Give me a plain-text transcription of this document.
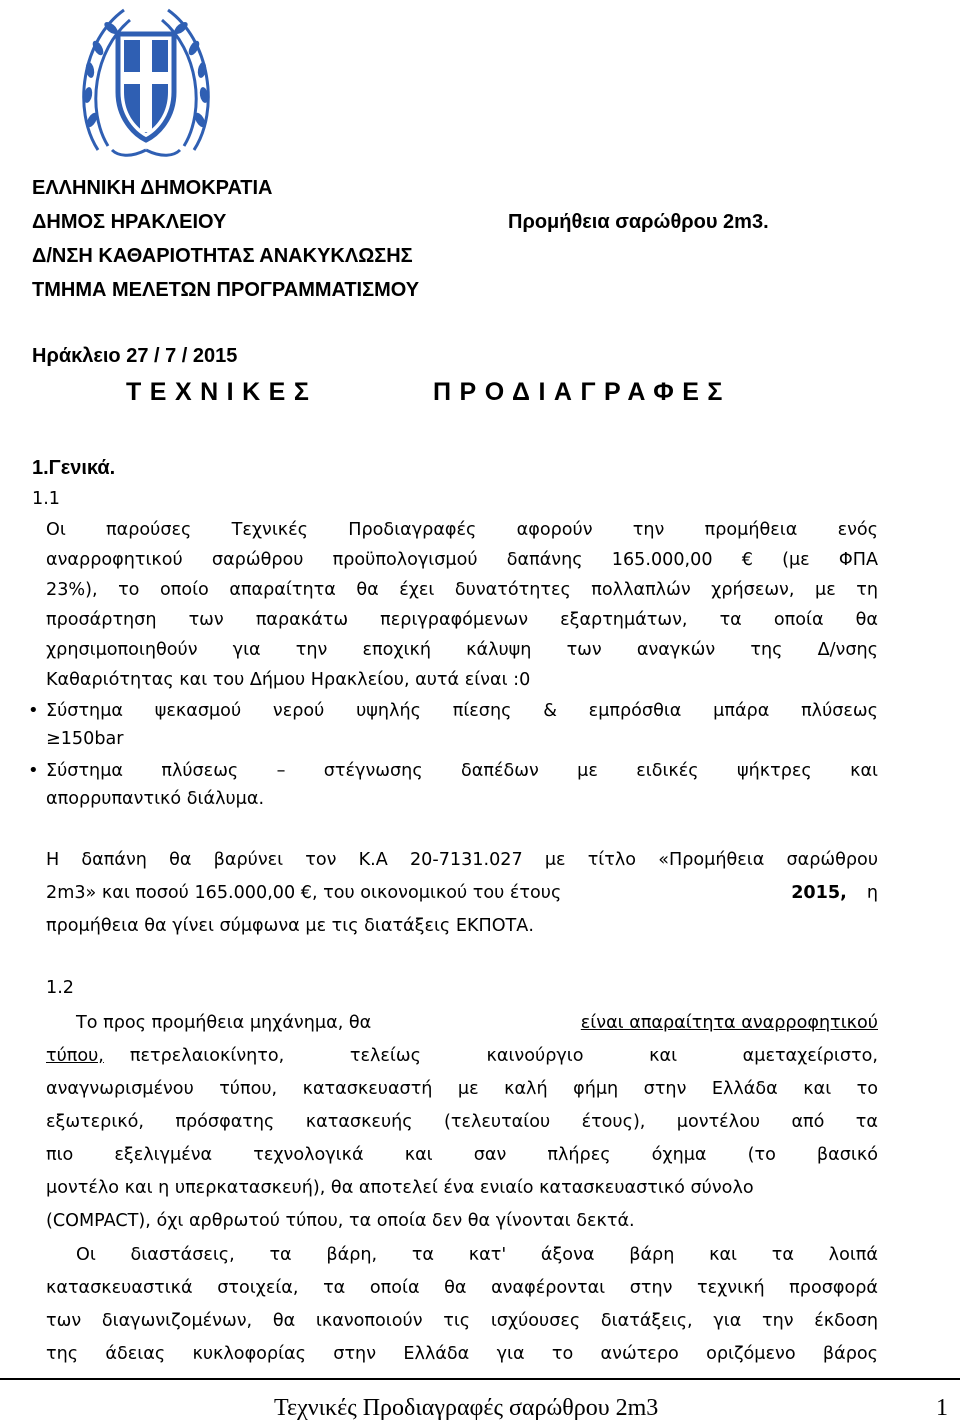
ΕΛΛΗΝΙΚΗ ΔΗΜΟΚΡΑΤΙΑ
ΔΗΜΟΣ ΗΡΑΚΛΕΙΟΥ	Προμήθεια σαρώθρου 2m3.
Δ/ΝΣΗ ΚΑΘΑΡΙΟΤΗΤΑΣ ΑΝΑΚΥΚΛΩΣΗΣ
ΤΜΗΜΑ ΜΕΛΕΤΩΝ ΠΡΟΓΡΑΜΜΑΤΙΣΜΟΥ
Ηράκλειο 27 / 7 / 2015
ΤΕΧΝΙΚΕΣ	ΠΡΟΔΙΑΓΡΑΦΕΣ
1.Γενικά.
1.1
Οι παρούσες Τεχνικές Προδιαγραφές αφορούν την προμήθεια ενός
αναρροφητικού σαρώθρου προϋπολογισμού δαπάνης 165.000,00 € (με ΦΠΑ
23%), το οποίο απαραίτητα θα έχει δυνατότητες πολλαπλών χρήσεων, με τη
προσάρτηση των παρακάτω περιγραφόμενων εξαρτημάτων, τα οποία θα
χρησιμοποιηθούν για την εποχική κάλυψη των αναγκών της Δ/νσης
Καθαριότητας και του Δήμου Ηρακλείου, αυτά είναι :0
• Σύστημα ψεκασμού νερού υψηλής πίεσης & εμπρόσθια μπάρα πλύσεως
≥150bar
• Σύστημα πλύσεως – στέγνωσης δαπέδων με ειδικές ψήκτρες και
απορρυπαντικό διάλυμα.
Η δαπάνη θα βαρύνει τον Κ.Α 20-7131.027 με τίτλο «Προμήθεια σαρώθρου
2m3» και ποσού 165.000,00 €, του οικονομικού του έτους	2015, η
προμήθεια θα γίνει σύμφωνα με τις διατάξεις ΕΚΠΟΤΑ.
1.2
Το προς προμήθεια μηχάνημα, θα	είναι απαραίτητα αναρροφητικού
τύπου, πετρελαιοκίνητο, τελείως καινούργιο και αμεταχείριστο,
αναγνωρισμένου τύπου, κατασκευαστή με καλή φήμη στην Ελλάδα και το
εξωτερικό, πρόσφατης κατασκευής (τελευταίου έτους), μοντέλου από τα
πιο εξελιγμένα τεχνολογικά και σαν πλήρες όχημα (το βασικό
μοντέλο και η υπερκατασκευή), θα αποτελεί ένα ενιαίο κατασκευαστικό σύνολο
(COMPACT), όχι αρθρωτού τύπου, τα οποία δεν θα γίνονται δεκτά.
Οι διαστάσεις, τα βάρη, τα κατ' άξονα βάρη και τα λοιπά
κατασκευαστικά στοιχεία, τα οποία θα αναφέρονται στην τεχνική προσφορά
των διαγωνιζομένων, θα ικανοποιούν τις ισχύουσες διατάξεις, για την έκδοση
της άδειας κυκλοφορίας στην Ελλάδα για το ανώτερο οριζόμενο βάρος
Τεχνικές Προδιαγραφές σαρώθρου 2m3	1
